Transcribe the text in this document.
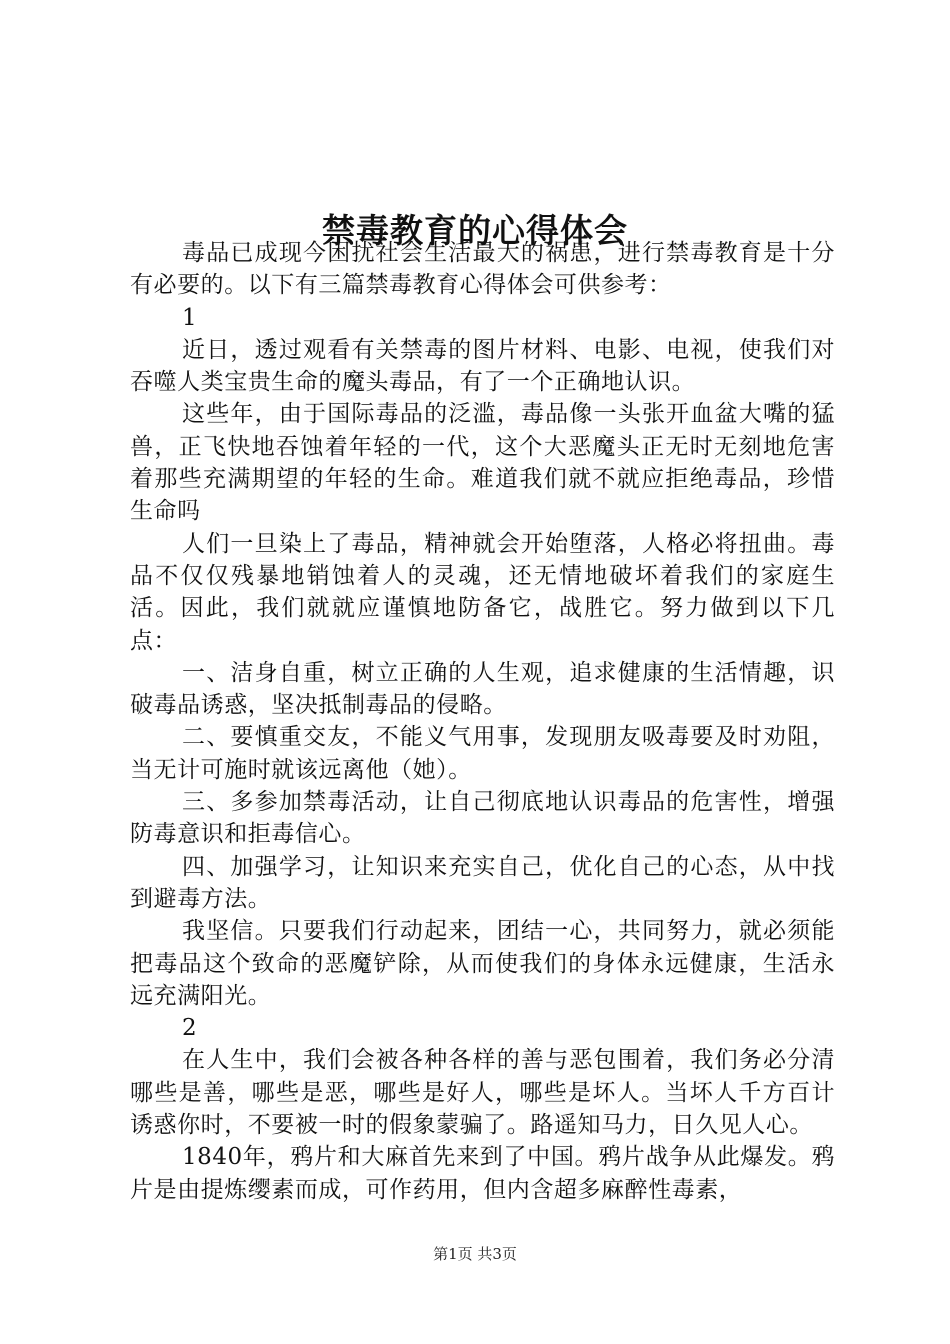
禁毒教育的心得体会

毒品已成现今困扰社会生活最大的祸患，进行禁毒教育是十分有必要的。以下有三篇禁毒教育心得体会可供参考：

1

近日，透过观看有关禁毒的图片材料、电影、电视，使我们对吞噬人类宝贵生命的魔头毒品，有了一个正确地认识。

这些年，由于国际毒品的泛滥，毒品像一头张开血盆大嘴的猛兽，正飞快地吞蚀着年轻的一代，这个大恶魔头正无时无刻地危害着那些充满期望的年轻的生命。难道我们就不就应拒绝毒品，珍惜生命吗

人们一旦染上了毒品，精神就会开始堕落，人格必将扭曲。毒品不仅仅残暴地销蚀着人的灵魂，还无情地破坏着我们的家庭生活。因此，我们就就应谨慎地防备它，战胜它。努力做到以下几点：

一、洁身自重，树立正确的人生观，追求健康的生活情趣，识破毒品诱惑，坚决抵制毒品的侵略。

二、要慎重交友，不能义气用事，发现朋友吸毒要及时劝阻，当无计可施时就该远离他（她）。

三、多参加禁毒活动，让自己彻底地认识毒品的危害性，增强防毒意识和拒毒信心。

四、加强学习，让知识来充实自己，优化自己的心态，从中找到避毒方法。

我坚信。只要我们行动起来，团结一心，共同努力，就必须能把毒品这个致命的恶魔铲除，从而使我们的身体永远健康，生活永远充满阳光。

2

在人生中，我们会被各种各样的善与恶包围着，我们务必分清哪些是善，哪些是恶，哪些是好人，哪些是坏人。当坏人千方百计诱惑你时，不要被一时的假象蒙骗了。路遥知马力，日久见人心。

1840年，鸦片和大麻首先来到了中国。鸦片战争从此爆发。鸦片是由提炼缨素而成，可作药用，但内含超多麻醉性毒素，

第1页 共3页
